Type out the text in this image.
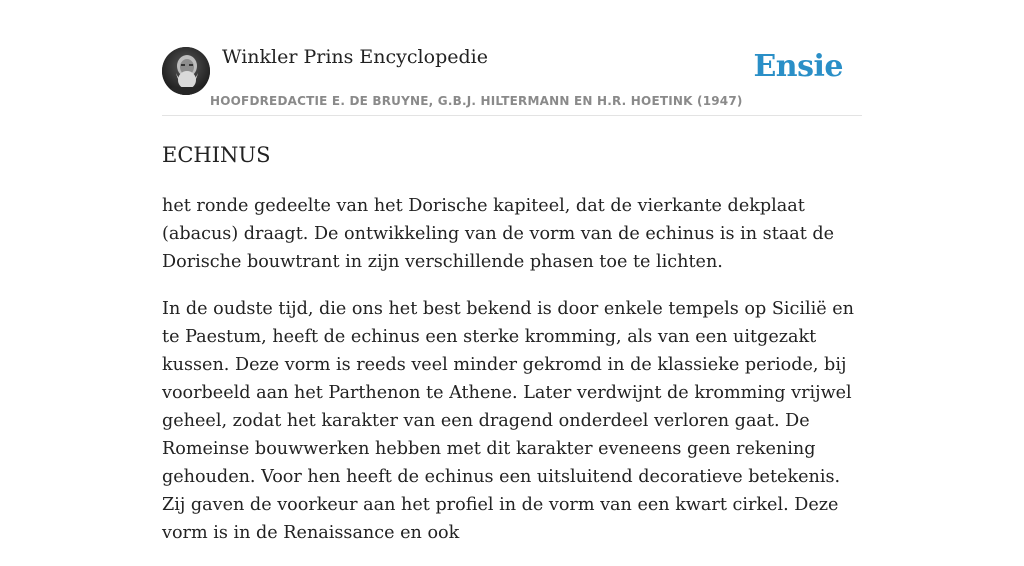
Winkler Prins Encyclopedie
HOOFDREDACTIE E. DE BRUYNE, G.B.J. HILTERMANN EN H.R. HOETINK (1947)
Ensie
ECHINUS

het ronde gedeelte van het Dorische kapiteel, dat de vierkante dekplaat (abacus) draagt. De ontwikkeling van de vorm van de echinus is in staat de Dorische bouwtrant in zijn verschillende phasen toe te lichten.

In de oudste tijd, die ons het best bekend is door enkele tempels op Sicilië en te Paestum, heeft de echinus een sterke kromming, als van een uitgezakt kussen. Deze vorm is reeds veel minder gekromd in de klassieke periode, bij voorbeeld aan het Parthenon te Athene. Later verdwijnt de kromming vrijwel geheel, zodat het karakter van een dragend onderdeel verloren gaat. De Romeinse bouwwerken hebben met dit karakter eveneens geen rekening gehouden. Voor hen heeft de echinus een uitsluitend decoratieve betekenis. Zij gaven de voorkeur aan het profiel in de vorm van een kwart cirkel. Deze vorm is in de Renaissance en ook
